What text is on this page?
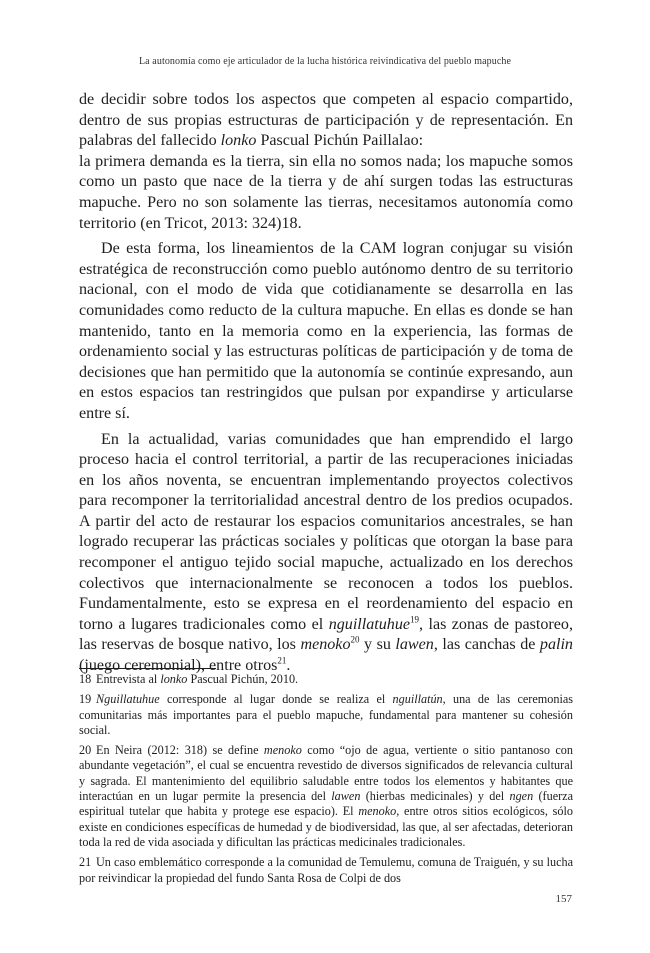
La autonomía como eje articulador de la lucha histórica reivindicativa del pueblo mapuche

de decidir sobre todos los aspectos que competen al espacio compartido, dentro de sus propias estructuras de participación y de representación. En palabras del fallecido lonko Pascual Pichún Paillalao:

la primera demanda es la tierra, sin ella no somos nada; los mapuche somos como un pasto que nace de la tierra y de ahí surgen todas las estructuras mapuche. Pero no son solamente las tierras, necesitamos autonomía como territorio (en Tricot, 2013: 324)18.

De esta forma, los lineamientos de la CAM logran conjugar su visión estratégica de reconstrucción como pueblo autónomo dentro de su territorio nacional, con el modo de vida que cotidianamente se desarrolla en las comunidades como reducto de la cultura mapuche. En ellas es donde se han mantenido, tanto en la memoria como en la experiencia, las formas de ordenamiento social y las estructuras políticas de participación y de toma de decisiones que han permitido que la autonomía se continúe expresando, aun en estos espacios tan restringidos que pulsan por expandirse y articularse entre sí.

En la actualidad, varias comunidades que han emprendido el largo proceso hacia el control territorial, a partir de las recuperaciones iniciadas en los años noventa, se encuentran implementando proyectos colectivos para recomponer la territorialidad ancestral dentro de los predios ocupados. A partir del acto de restaurar los espacios comunitarios ancestrales, se han logrado recuperar las prácticas sociales y políticas que otorgan la base para recomponer el antiguo tejido social mapuche, actualizado en los derechos colectivos que internacionalmente se reconocen a todos los pueblos. Fundamentalmente, esto se expresa en el reordenamiento del espacio en torno a lugares tradicionales como el nguillatuhue$^{19}$, las zonas de pastoreo, las reservas de bosque nativo, los menoko$^{20}$ y su lawen, las canchas de palin (juego ceremonial), entre otros$^{21}$.

18 Entrevista al lonko Pascual Pichún, 2010.

19 Nguillatuhue corresponde al lugar donde se realiza el nguillatún, una de las ceremonias comunitarias más importantes para el pueblo mapuche, fundamental para mantener su cohesión social.

20 En Neira (2012: 318) se define menoko como “ojo de agua, vertiente o sitio pantanoso con abundante vegetación”, el cual se encuentra revestido de diversos significados de relevancia cultural y sagrada. El mantenimiento del equilibrio saludable entre todos los elementos y habitantes que interactúan en un lugar permite la presencia del lawen (hierbas medicinales) y del ngen (fuerza espiritual tutelar que habita y protege ese espacio). El menoko, entre otros sitios ecológicos, sólo existe en condiciones específicas de humedad y de biodiversidad, las que, al ser afectadas, deterioran toda la red de vida asociada y dificultan las prácticas medicinales tradicionales.

21 Un caso emblemático corresponde a la comunidad de Temulemu, comuna de Traiguén, y su lucha por reivindicar la propiedad del fundo Santa Rosa de Colpi de dos

157
